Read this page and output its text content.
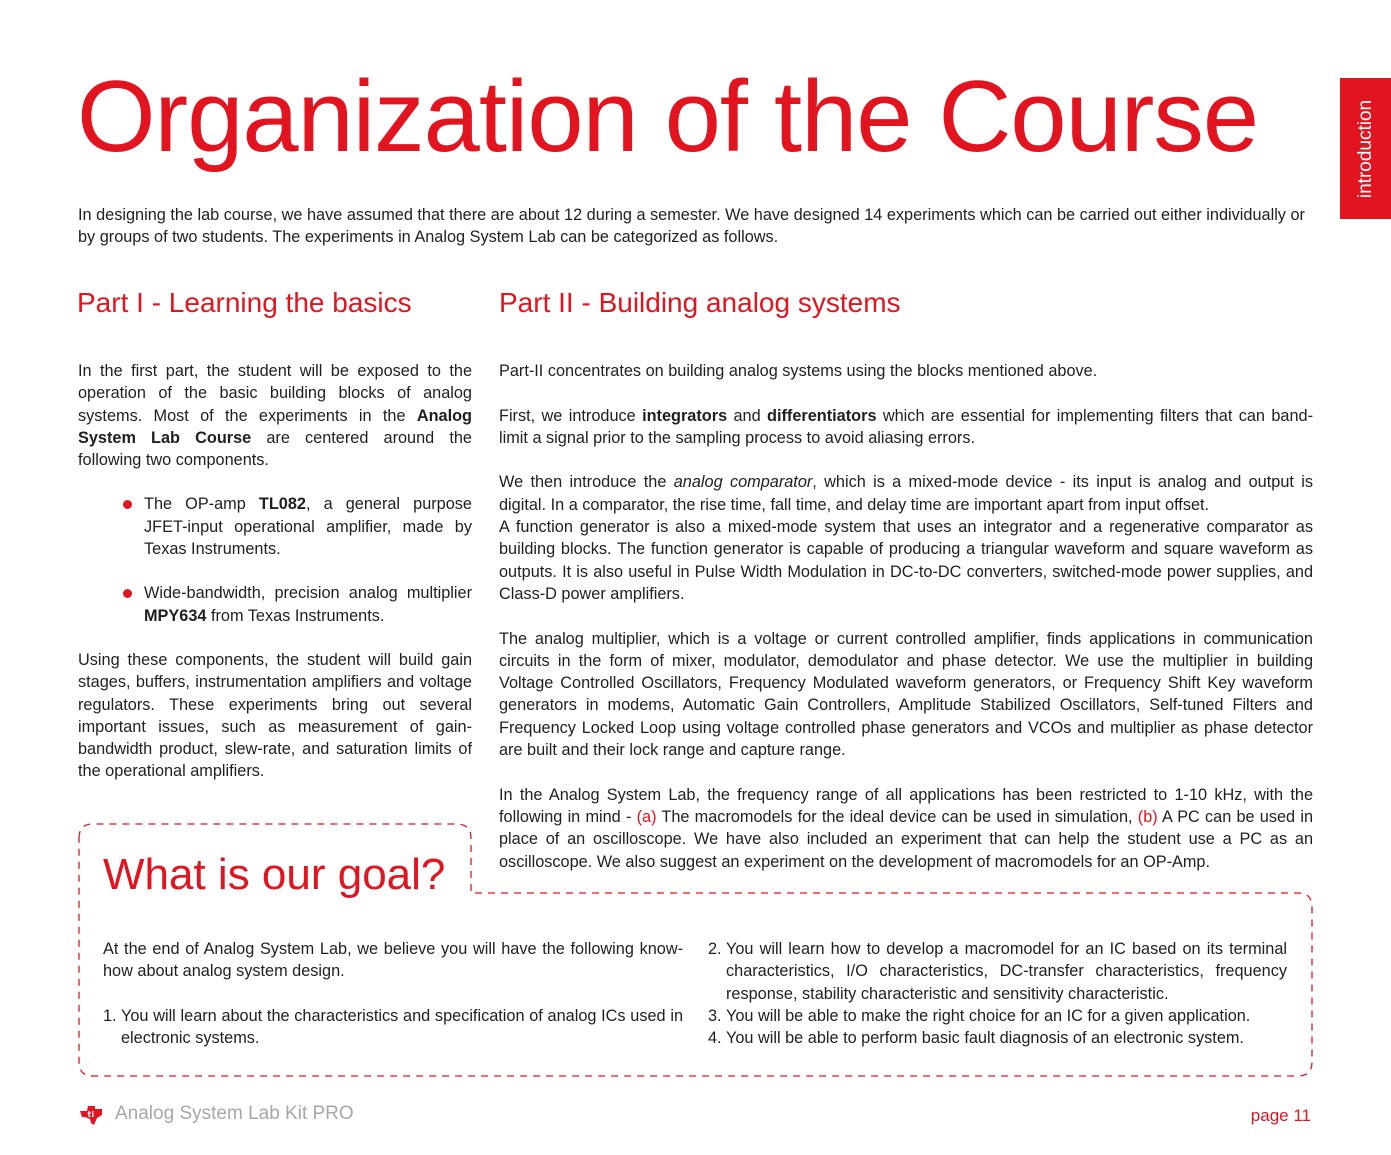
Organization of the Course	introduction

In designing the lab course, we have assumed that there are about 12 during a semester. We have designed 14 experiments which can be carried out either individually or by groups of two students. The experiments in Analog System Lab can be categorized as follows.

Part I - Learning the basics	Part II - Building analog systems

In the first part, the student will be exposed to the operation of the basic building blocks of analog systems. Most of the experiments in the Analog System Lab Course are centered around the following two components.

The OP-amp TL082, a general purpose JFET-input operational amplifier, made by Texas Instruments.
Wide-bandwidth, precision analog multiplier MPY634 from Texas Instruments.

Using these components, the student will build gain stages, buffers, instrumentation amplifiers and voltage regulators. These experiments bring out several important issues, such as measurement of gain- bandwidth product, slew-rate, and saturation limits of the operational amplifiers.

Part-II concentrates on building analog systems using the blocks mentioned above.

First, we introduce integrators and differentiators which are essential for implementing filters that can band-limit a signal prior to the sampling process to avoid aliasing errors.

We then introduce the analog comparator, which is a mixed-mode device - its input is analog and output is digital. In a comparator, the rise time, fall time, and delay time are important apart from input offset.

A function generator is also a mixed-mode system that uses an integrator and a regenerative comparator as building blocks. The function generator is capable of producing a triangular waveform and square waveform as outputs. It is also useful in Pulse Width Modulation in DC-to-DC converters, switched-mode power supplies, and Class-D power amplifiers.

The analog multiplier, which is a voltage or current controlled amplifier, finds applications in communication circuits in the form of mixer, modulator, demodulator and phase detector. We use the multiplier in building Voltage Controlled Oscillators, Frequency Modulated waveform generators, or Frequency Shift Key waveform generators in modems, Automatic Gain Controllers, Amplitude Stabilized Oscillators, Self-tuned Filters and Frequency Locked Loop using voltage controlled phase generators and VCOs and multiplier as phase detector are built and their lock range and capture range.

In the Analog System Lab, the frequency range of all applications has been restricted to 1-10 kHz, with the following in mind - (a) The macromodels for the ideal device can be used in simulation, (b) A PC can be used in place of an oscilloscope. We have also included an experiment that can help the student use a PC as an oscilloscope. We also suggest an experiment on the development of macromodels for an OP-Amp.

What is our goal?

At the end of Analog System Lab, we believe you will have the following know-how about analog system design.

1. You will learn about the characteristics and specification of analog ICs used in electronic systems.
2. You will learn how to develop a macromodel for an IC based on its terminal characteristics, I/O characteristics, DC-transfer characteristics, frequency response, stability characteristic and sensitivity characteristic.
3. You will be able to make the right choice for an IC for a given application.
4. You will be able to perform basic fault diagnosis of an electronic system.
ti Analog System Lab Kit PRO	page 11
